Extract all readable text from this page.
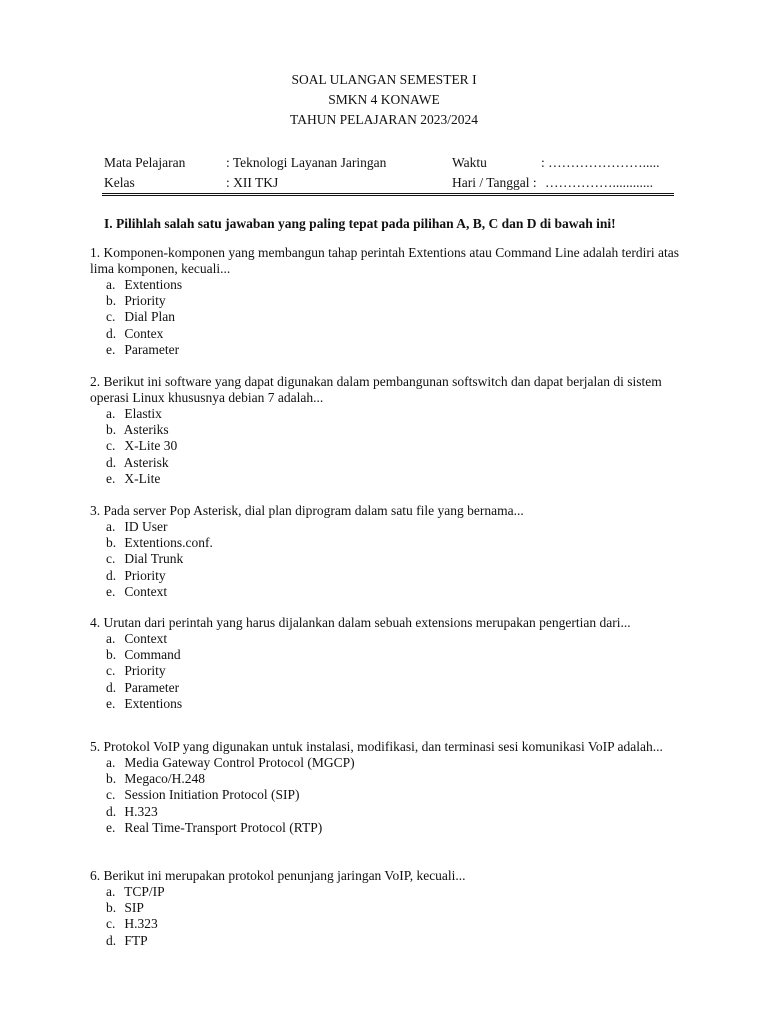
SOAL ULANGAN SEMESTER I
SMKN 4 KONAWE
TAHUN PELAJARAN 2023/2024
Mata Pelajaran	: Teknologi Layanan Jaringan	Waktu	: ………………….....
Kelas	: XII TKJ	Hari / Tanggal : ……………............
I. Pilihlah salah satu jawaban yang paling tepat pada pilihan A, B, C dan D di bawah ini!

1. Komponen-komponen yang membangun tahap perintah Extentions atau Command Line adalah terdiri atas lima komponen, kecuali...

a. Extentions
b. Priority
c. Dial Plan
d. Contex
e. Parameter

2. Berikut ini software yang dapat digunakan dalam pembangunan softswitch dan dapat berjalan di sistem operasi Linux khususnya debian 7 adalah...

a. Elastix
b. Asteriks
c. X-Lite 30
d. Asterisk
e. X-Lite

3. Pada server Pop Asterisk, dial plan diprogram dalam satu file yang bernama...

a. ID User
b. Extentions.conf.
c. Dial Trunk
d. Priority
e. Context

4. Urutan dari perintah yang harus dijalankan dalam sebuah extensions merupakan pengertian dari...

a. Context
b. Command
c. Priority
d. Parameter
e. Extentions

5. Protokol VoIP yang digunakan untuk instalasi, modifikasi, dan terminasi sesi komunikasi VoIP adalah...

a. Media Gateway Control Protocol (MGCP)
b. Megaco/H.248
c. Session Initiation Protocol (SIP)
d. H.323
e. Real Time-Transport Protocol (RTP)

6. Berikut ini merupakan protokol penunjang jaringan VoIP, kecuali...

a. TCP/IP
b. SIP
c. H.323
d. FTP
